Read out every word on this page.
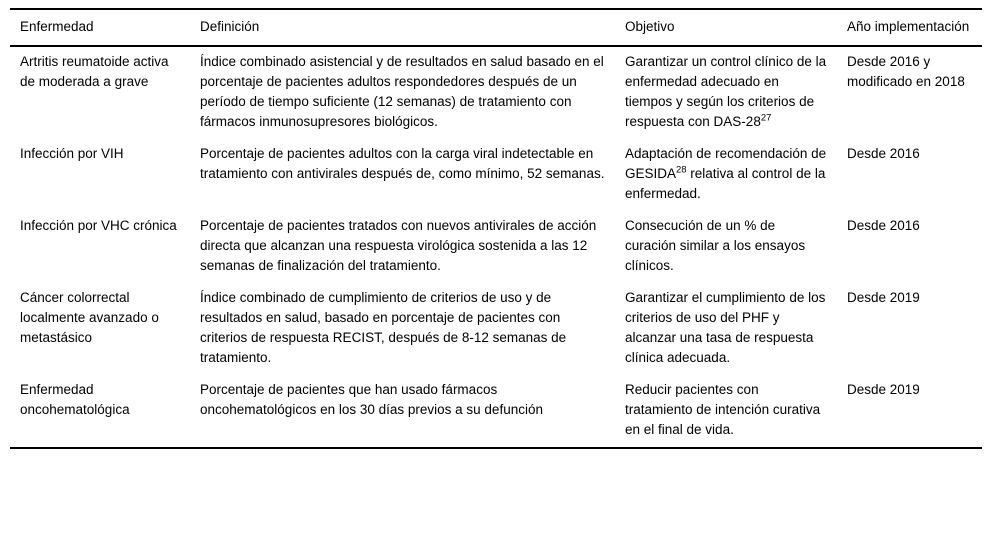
Enfermedad	Definición	Objetivo	Año implementación
Artritis reumatoide activa de moderada a grave	Índice combinado asistencial y de resultados en salud basado en el porcentaje de pacientes adultos respondedores después de un período de tiempo suficiente (12 semanas) de tratamiento con fármacos inmunosupresores biológicos.	Garantizar un control clínico de la enfermedad adecuado en tiempos y según los criterios de respuesta con DAS-$28^{27}$	Desde 2016 y modificado en 2018
Infección por VIH	Porcentaje de pacientes adultos con la carga viral indetectable en tratamiento con antivirales después de, como mínimo, 52 semanas.	Adaptación de recomendación de GESIDA$^{28}$ relativa al control de la enfermedad.	Desde 2016
Infección por VHC crónica	Porcentaje de pacientes tratados con nuevos antivirales de acción directa que alcanzan una respuesta virológica sostenida a las 12 semanas de finalización del tratamiento.	Consecución de un % de curación similar a los ensayos clínicos.	Desde 2016
Cáncer colorrectal localmente avanzado o metastásico	Índice combinado de cumplimiento de criterios de uso y de resultados en salud, basado en porcentaje de pacientes con criterios de respuesta RECIST, después de 8-12 semanas de tratamiento.	Garantizar el cumplimiento de los criterios de uso del PHF y alcanzar una tasa de respuesta clínica adecuada.	Desde 2019
Enfermedad oncohematológica	Porcentaje de pacientes que han usado fármacos oncohematológicos en los 30 días previos a su defunción	Reducir pacientes con tratamiento de intención curativa en el final de vida.	Desde 2019
